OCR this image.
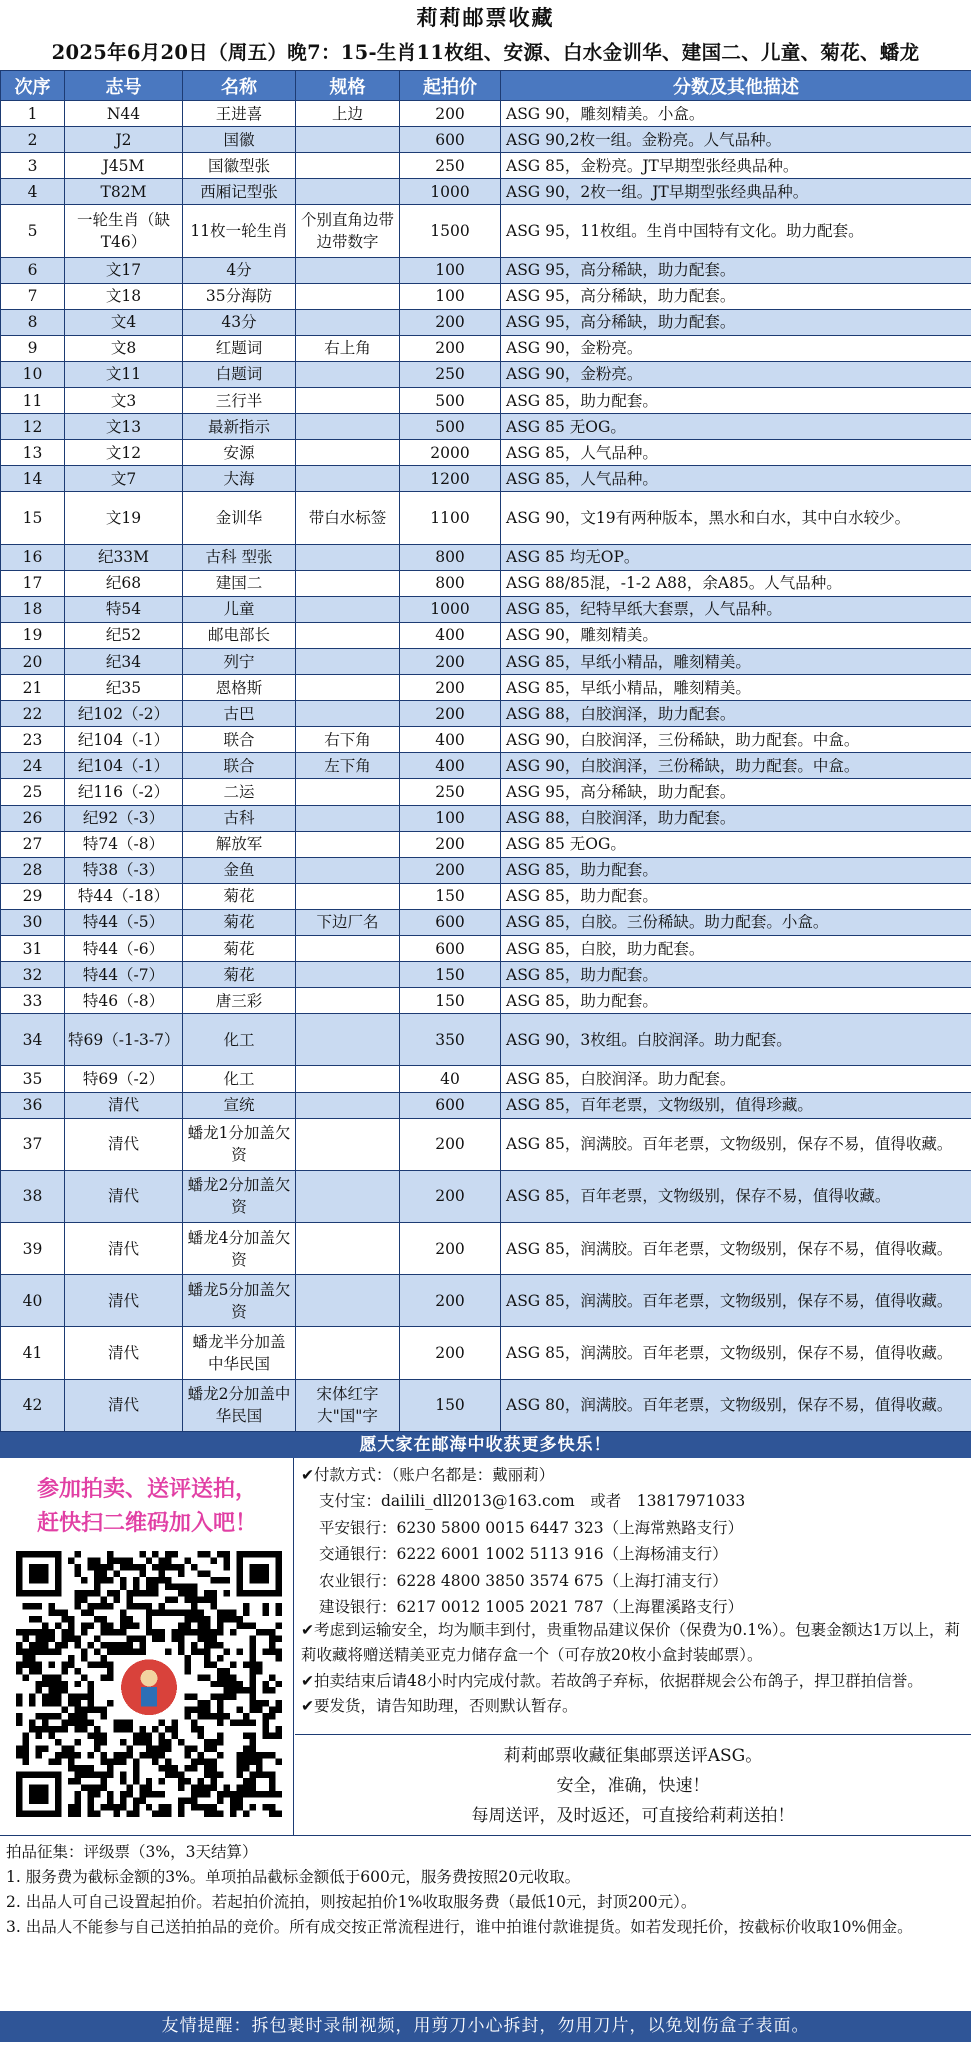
莉莉邮票收藏
2025年6月20日（周五）晚7：15-生肖11枚组、安源、白水金训华、建国二、儿童、菊花、蟠龙
次序	志号	名称	规格	起拍价	分数及其他描述
1	N44	王进喜	上边	200	ASG 90，雕刻精美。小盒。
2	J2	国徽		600	ASG 90,2枚一组。金粉亮。人气品种。
3	J45M	国徽型张		250	ASG 85，金粉亮。JT早期型张经典品种。
4	T82M	西厢记型张		1000	ASG 90，2枚一组。JT早期型张经典品种。
5	一轮生肖（缺T46）	11枚一轮生肖	个别直角边带边带数字	1500	ASG 95，11枚组。生肖中国特有文化。助力配套。
6	文17	4分		100	ASG 95，高分稀缺，助力配套。
7	文18	35分海防		100	ASG 95，高分稀缺，助力配套。
8	文4	43分		200	ASG 95，高分稀缺，助力配套。
9	文8	红题词	右上角	200	ASG 90，金粉亮。
10	文11	白题词		250	ASG 90，金粉亮。
11	文3	三行半		500	ASG 85，助力配套。
12	文13	最新指示		500	ASG 85 无OG。
13	文12	安源		2000	ASG 85，人气品种。
14	文7	大海		1200	ASG 85，人气品种。
15	文19	金训华	带白水标签	1100	ASG 90，文19有两种版本，黑水和白水，其中白水较少。
16	纪33M	古科 型张		800	ASG 85 均无OP。
17	纪68	建国二		800	ASG 88/85混，-1-2 A88，余A85。人气品种。
18	特54	儿童		1000	ASG 85，纪特早纸大套票，人气品种。
19	纪52	邮电部长		400	ASG 90，雕刻精美。
20	纪34	列宁		200	ASG 85，早纸小精品，雕刻精美。
21	纪35	恩格斯		200	ASG 85，早纸小精品，雕刻精美。
22	纪102（-2）	古巴		200	ASG 88，白胶润泽，助力配套。
23	纪104（-1）	联合	右下角	400	ASG 90，白胶润泽，三份稀缺，助力配套。中盒。
24	纪104（-1）	联合	左下角	400	ASG 90，白胶润泽，三份稀缺，助力配套。中盒。
25	纪116（-2）	二运		250	ASG 95，高分稀缺，助力配套。
26	纪92（-3）	古科		100	ASG 88，白胶润泽，助力配套。
27	特74（-8）	解放军		200	ASG 85 无OG。
28	特38（-3）	金鱼		200	ASG 85，助力配套。
29	特44（-18）	菊花		150	ASG 85，助力配套。
30	特44（-5）	菊花	下边厂名	600	ASG 85，白胶。三份稀缺。助力配套。小盒。
31	特44（-6）	菊花		600	ASG 85，白胶，助力配套。
32	特44（-7）	菊花		150	ASG 85，助力配套。
33	特46（-8）	唐三彩		150	ASG 85，助力配套。
34	特69（-1-3-7）	化工		350	ASG 90，3枚组。白胶润泽。助力配套。
35	特69（-2）	化工		40	ASG 85，白胶润泽。助力配套。
36	清代	宣统		600	ASG 85，百年老票，文物级别，值得珍藏。
37	清代	蟠龙1分加盖欠资		200	ASG 85，润满胶。百年老票，文物级别，保存不易，值得收藏。
38	清代	蟠龙2分加盖欠资		200	ASG 85，百年老票，文物级别，保存不易，值得收藏。
39	清代	蟠龙4分加盖欠资		200	ASG 85，润满胶。百年老票，文物级别，保存不易，值得收藏。
40	清代	蟠龙5分加盖欠资		200	ASG 85，润满胶。百年老票，文物级别，保存不易，值得收藏。
41	清代	蟠龙半分加盖中华民国		200	ASG 85，润满胶。百年老票，文物级别，保存不易，值得收藏。
42	清代	蟠龙2分加盖中华民国	宋体红字大"国"字	150	ASG 80，润满胶。百年老票，文物级别，保存不易，值得收藏。
愿大家在邮海中收获更多快乐！
参加拍卖、送评送拍，
赶快扫二维码加入吧！
✔付款方式：（账户名都是：戴丽莉）
支付宝：dailili_dll2013@163.com　或者　13817971033
平安银行：6230 5800 0015 6447 323（上海常熟路支行）
交通银行：6222 6001 1002 5113 916（上海杨浦支行）
农业银行：6228 4800 3850 3574 675（上海打浦支行）
建设银行：6217 0012 1005 2021 787（上海瞿溪路支行）
✔考虑到运输安全，均为顺丰到付，贵重物品建议保价（保费为0.1%）。包裹金额达1万以上，莉莉收藏将赠送精美亚克力储存盒一个（可存放20枚小盒封装邮票）。
✔拍卖结束后请48小时内完成付款。若故鸽子弃标，依据群规会公布鸽子，捍卫群拍信誉。
✔要发货，请告知助理，否则默认暂存。
莉莉邮票收藏征集邮票送评ASG。
安全，准确，快速！
每周送评，及时返还，可直接给莉莉送拍！
拍品征集：评级票（3%，3天结算）
1. 服务费为截标金额的3%。单项拍品截标金额低于600元，服务费按照20元收取。
2. 出品人可自己设置起拍价。若起拍价流拍，则按起拍价1%收取服务费（最低10元，封顶200元）。
3. 出品人不能参与自己送拍拍品的竞价。所有成交按正常流程进行，谁中拍谁付款谁提货。如若发现托价，按截标价收取10%佣金。
友情提醒：拆包裹时录制视频，用剪刀小心拆封，勿用刀片，以免划伤盒子表面。
